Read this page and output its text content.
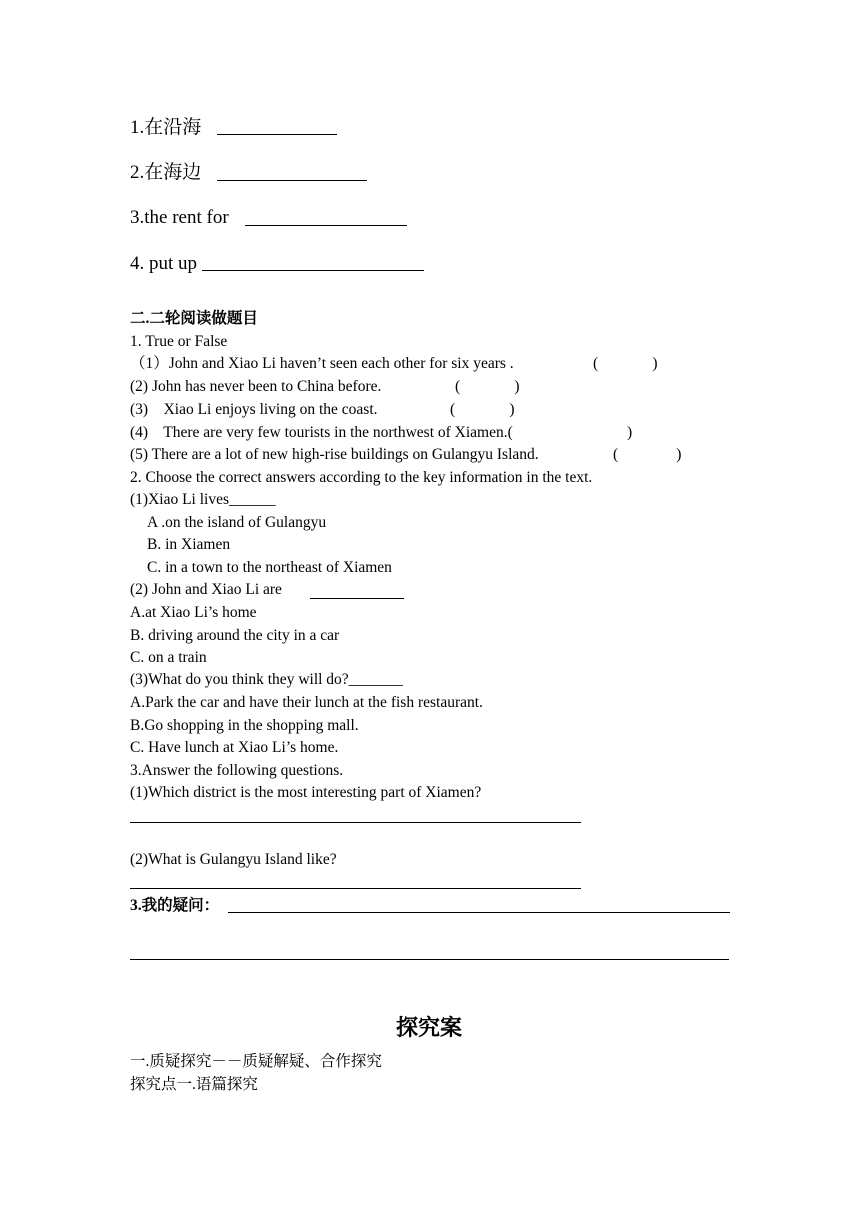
1.在沿海
2.在海边
3.the rent for
4. put up
二.二轮阅读做题目
1. True or False
（1）John and Xiao Li haven’t seen each other for six years .	(              )
(2) John has never been to China before.	(              )
(3)    Xiao Li enjoys living on the coast.	(              )
(4)    There are very few tourists in the northwest of Xiamen.(	)
(5) There are a lot of new high-rise buildings on Gulangyu Island.	(               )
2. Choose the correct answers according to the key information in the text.
(1)Xiao Li lives______
A .on the island of Gulangyu
B. in Xiamen
C. in a town to the northeast of Xiamen
(2) John and Xiao Li are
A.at Xiao Li’s home
B. driving around the city in a car
C. on a train
(3)What do you think they will do?_______
A.Park the car and have their lunch at the fish restaurant.
B.Go shopping in the shopping mall.
C. Have lunch at Xiao Li’s home.
3.Answer the following questions.
(1)Which district is the most interesting part of Xiamen?
(2)What is Gulangyu Island like?
3.我的疑问：
探究案
一.质疑探究－－质疑解疑、合作探究
探究点一.语篇探究
